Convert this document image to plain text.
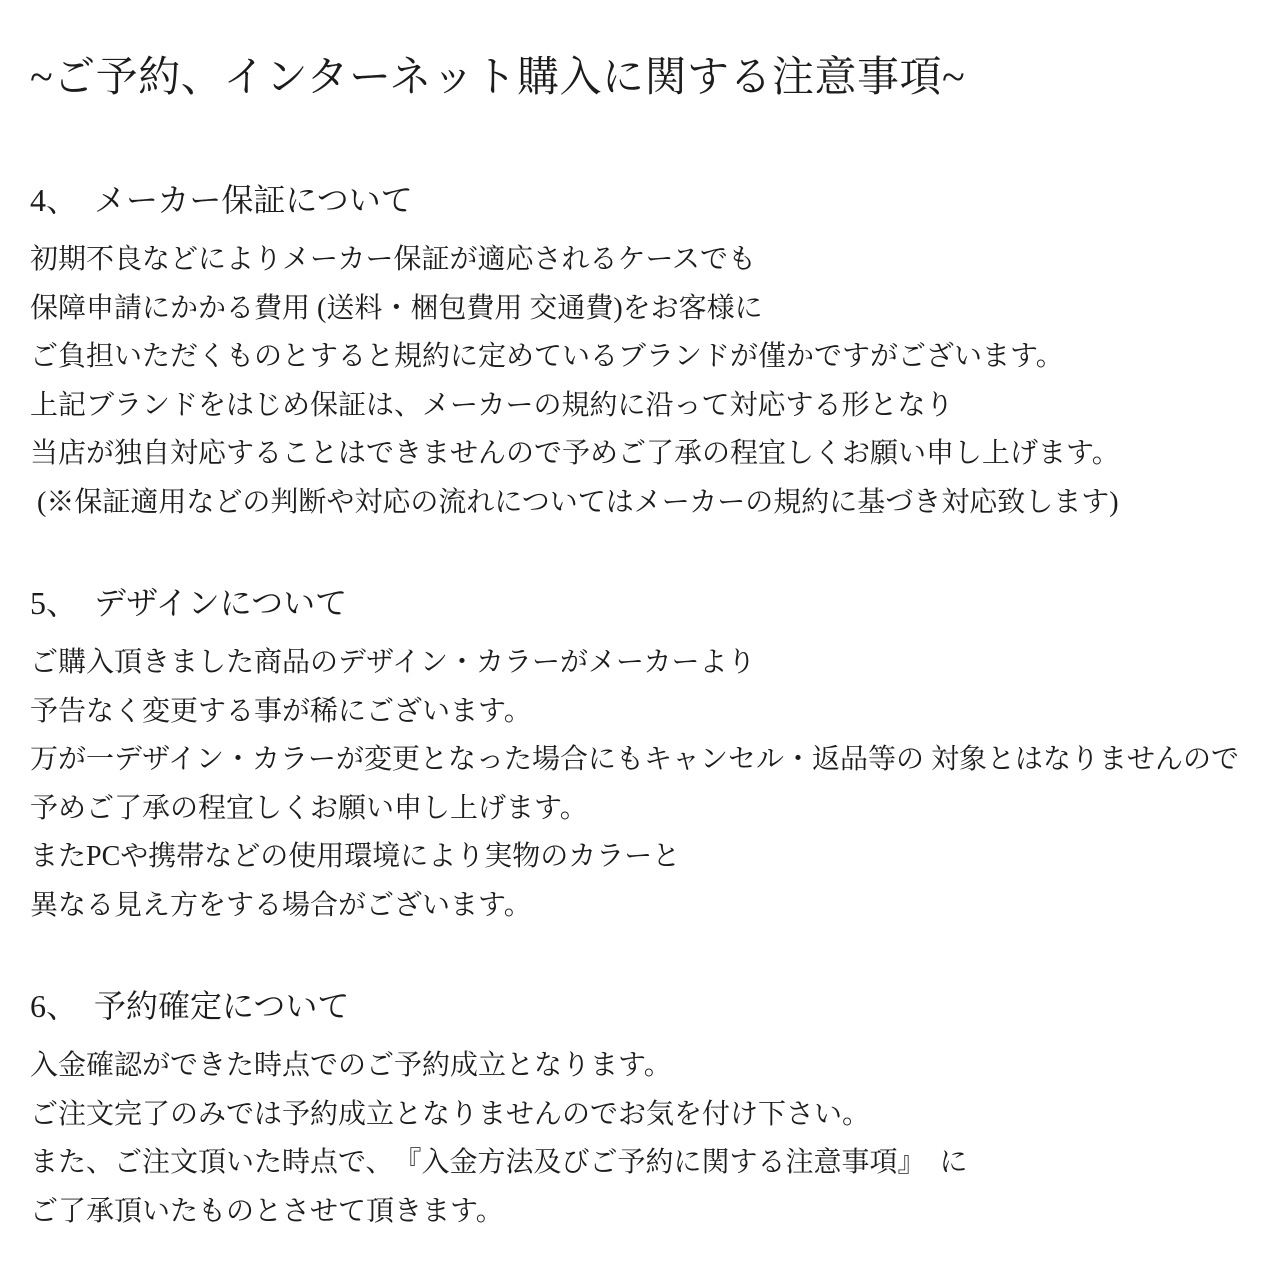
~ご予約、インターネット購入に関する注意事項~
4、　メーカー保証について

初期不良などによりメーカー保証が適応されるケースでも

保障申請にかかる費用 (送料・梱包費用 交通費)をお客様に

ご負担いただくものとすると規約に定めているブランドが僅かですがございます。

上記ブランドをはじめ保証は、メーカーの規約に沿って対応する形となり

当店が独自対応することはできませんので予めご了承の程宜しくお願い申し上げます。

(※保証適用などの判断や対応の流れについてはメーカーの規約に基づき対応致します)

5、　デザインについて

ご購入頂きました商品のデザイン・カラーがメーカーより

予告なく変更する事が稀にございます。

万が一デザイン・カラーが変更となった場合にもキャンセル・返品等の 対象とはなりませんので

予めご了承の程宜しくお願い申し上げます。

またPCや携帯などの使用環境により実物のカラーと

異なる見え方をする場合がございます。

6、　予約確定について

入金確認ができた時点でのご予約成立となります。

ご注文完了のみでは予約成立となりませんのでお気を付け下さい。

また、ご注文頂いた時点で、　『入金方法及びご予約に関する注意事項』　に

ご了承頂いたものとさせて頂きます。
